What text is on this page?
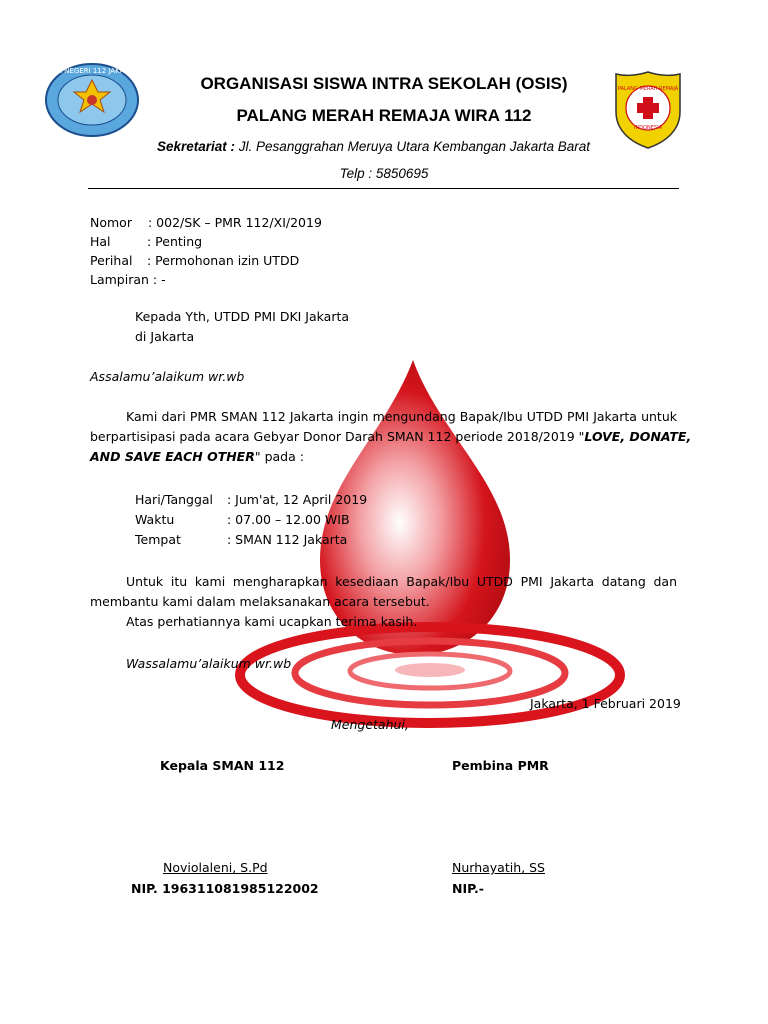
SMA NEGERI 112 JAKARTA
PALANG MERAH REMAJA
INDONESIA
ORGANISASI SISWA INTRA SEKOLAH (OSIS)
PALANG MERAH REMAJA WIRA 112
Sekretariat : Jl. Pesanggrahan Meruya Utara Kembangan Jakarta Barat
Telp : 5850695
Nomor : 002/SK – PMR 112/XI/2019
Hal	: Penting
Perihal : Permohonan izin UTDD
Lampiran : -
Kepada Yth, UTDD PMI DKI Jakarta
di Jakarta
Assalamu’alaikum wr.wb
Kami dari PMR SMAN 112 Jakarta ingin mengundang Bapak/Ibu UTDD PMI Jakarta untuk
berpartisipasi pada acara Gebyar Donor Darah SMAN 112 periode 2018/2019 "LOVE, DONATE,
AND SAVE EACH OTHER" pada :
Hari/Tanggal : Jum'at, 12 April 2019
Waktu	: 07.00 – 12.00 WIB
Tempat	: SMAN 112 Jakarta
Untuk itu kami mengharapkan kesediaan Bapak/Ibu UTDD PMI Jakarta datang dan
membantu kami dalam melaksanakan acara tersebut.
Atas perhatiannya kami ucapkan terima kasih.
Wassalamu’alaikum wr.wb
Jakarta, 1 Februari 2019
Mengetahui,
Kepala SMAN 112	Pembina PMR
Noviolaleni, S.Pd	Nurhayatih, SS
NIP. 196311081985122002	NIP.-
